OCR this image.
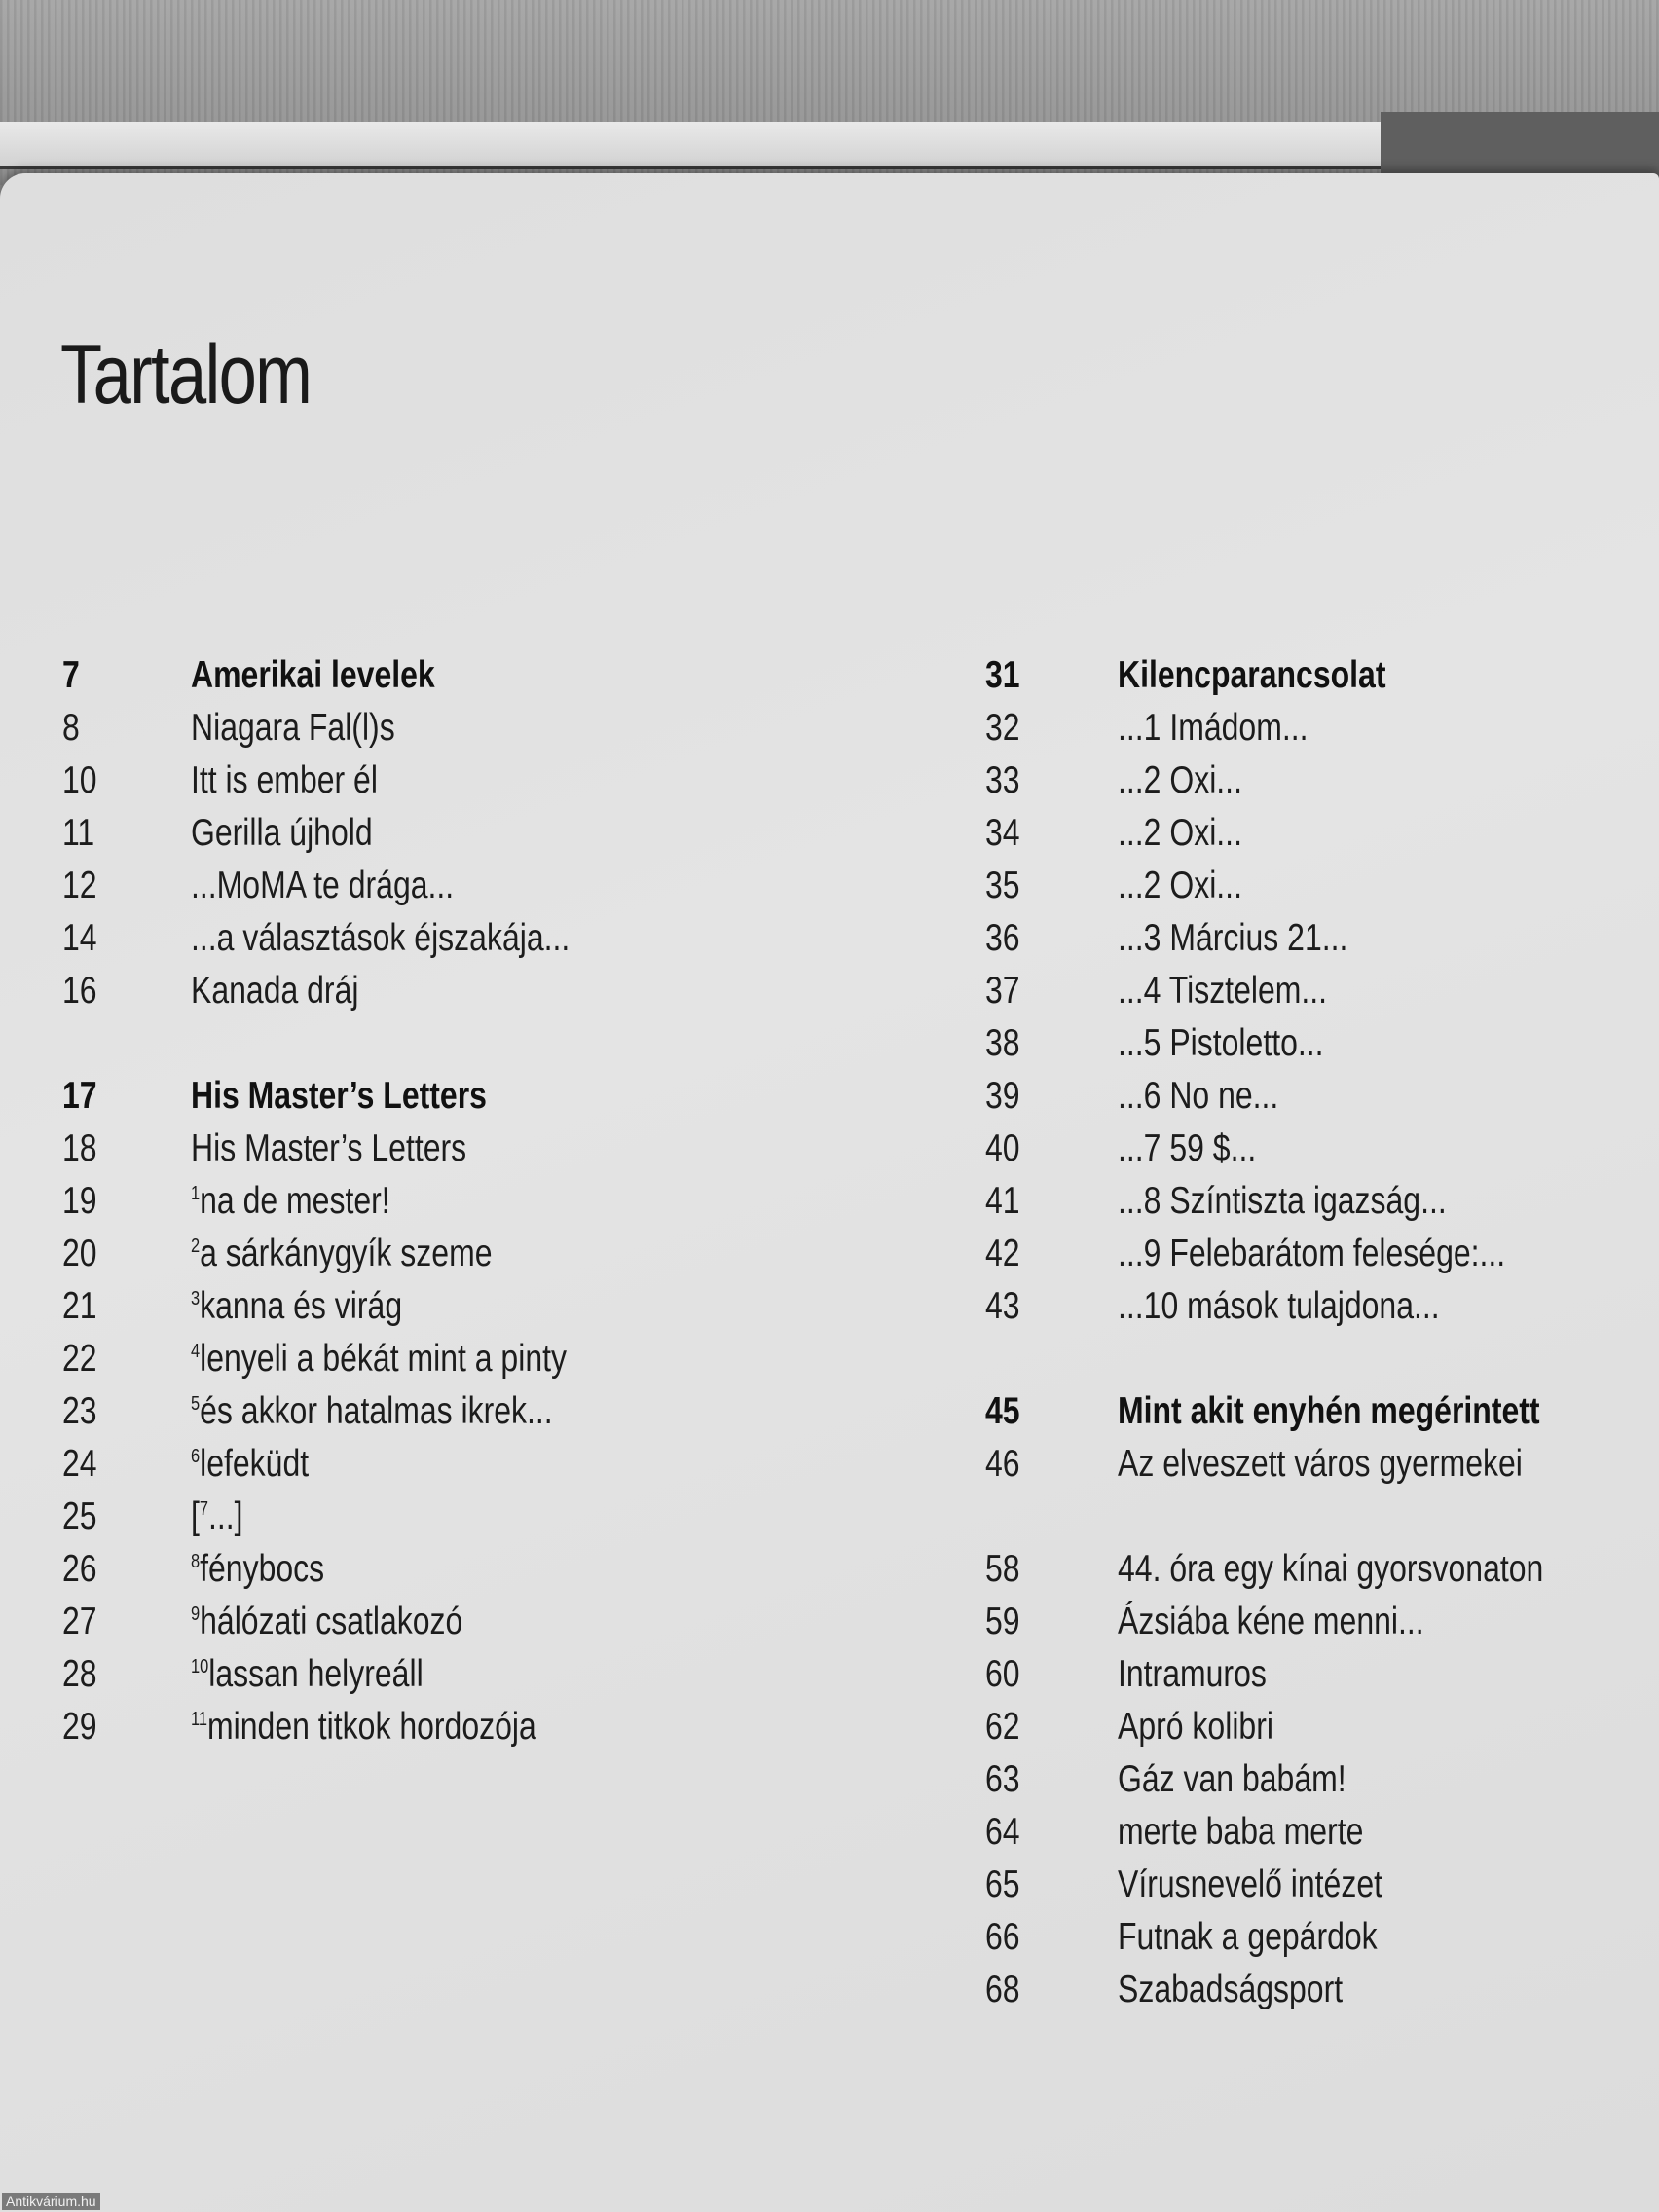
Tartalom
7	Amerikai levelek
8	Niagara Fal(l)s
10 Itt is ember él
11	Gerilla újhold
12 ...MoMA te drága...
14 ...a választások éjszakája...
16 Kanada dráj
17 His Master’s Letters
18 His Master’s Letters
19	$^1$na de mester!
20	$^2$a sárkánygyík szeme
21	$^3$kanna és virág
22	$^4$lenyeli a békát mint a pinty
23	$^5$és akkor hatalmas ikrek...
24	$^6$lefeküdt
25 [$^7$...]
26	$^8$fénybocs
27	$^9$hálózati csatlakozó
28	$^{10}$lassan helyreáll
29	$^{11}$minden titkok hordozója
31	Kilencparancsolat
32	...1 Imádom...
33	...2 Oxi...
34	...2 Oxi...
35	...2 Oxi...
36	...3 Március 21...
37	...4 Tisztelem...
38	...5 Pistoletto...
39	...6 No ne...
40	...7 59 $...
41	...8 Színtiszta igazság...
42	...9 Felebarátom felesége:...
43	...10 mások tulajdona...
45	Mint akit enyhén megérintett
46	Az elveszett város gyermekei
58	44. óra egy kínai gyorsvonaton
59	Ázsiába kéne menni...
60	Intramuros
62	Apró kolibri
63	Gáz van babám!
64	merte baba merte
65	Vírusnevelő intézet
66	Futnak a gepárdok
68	Szabadságsport
Antikvárium.hu
